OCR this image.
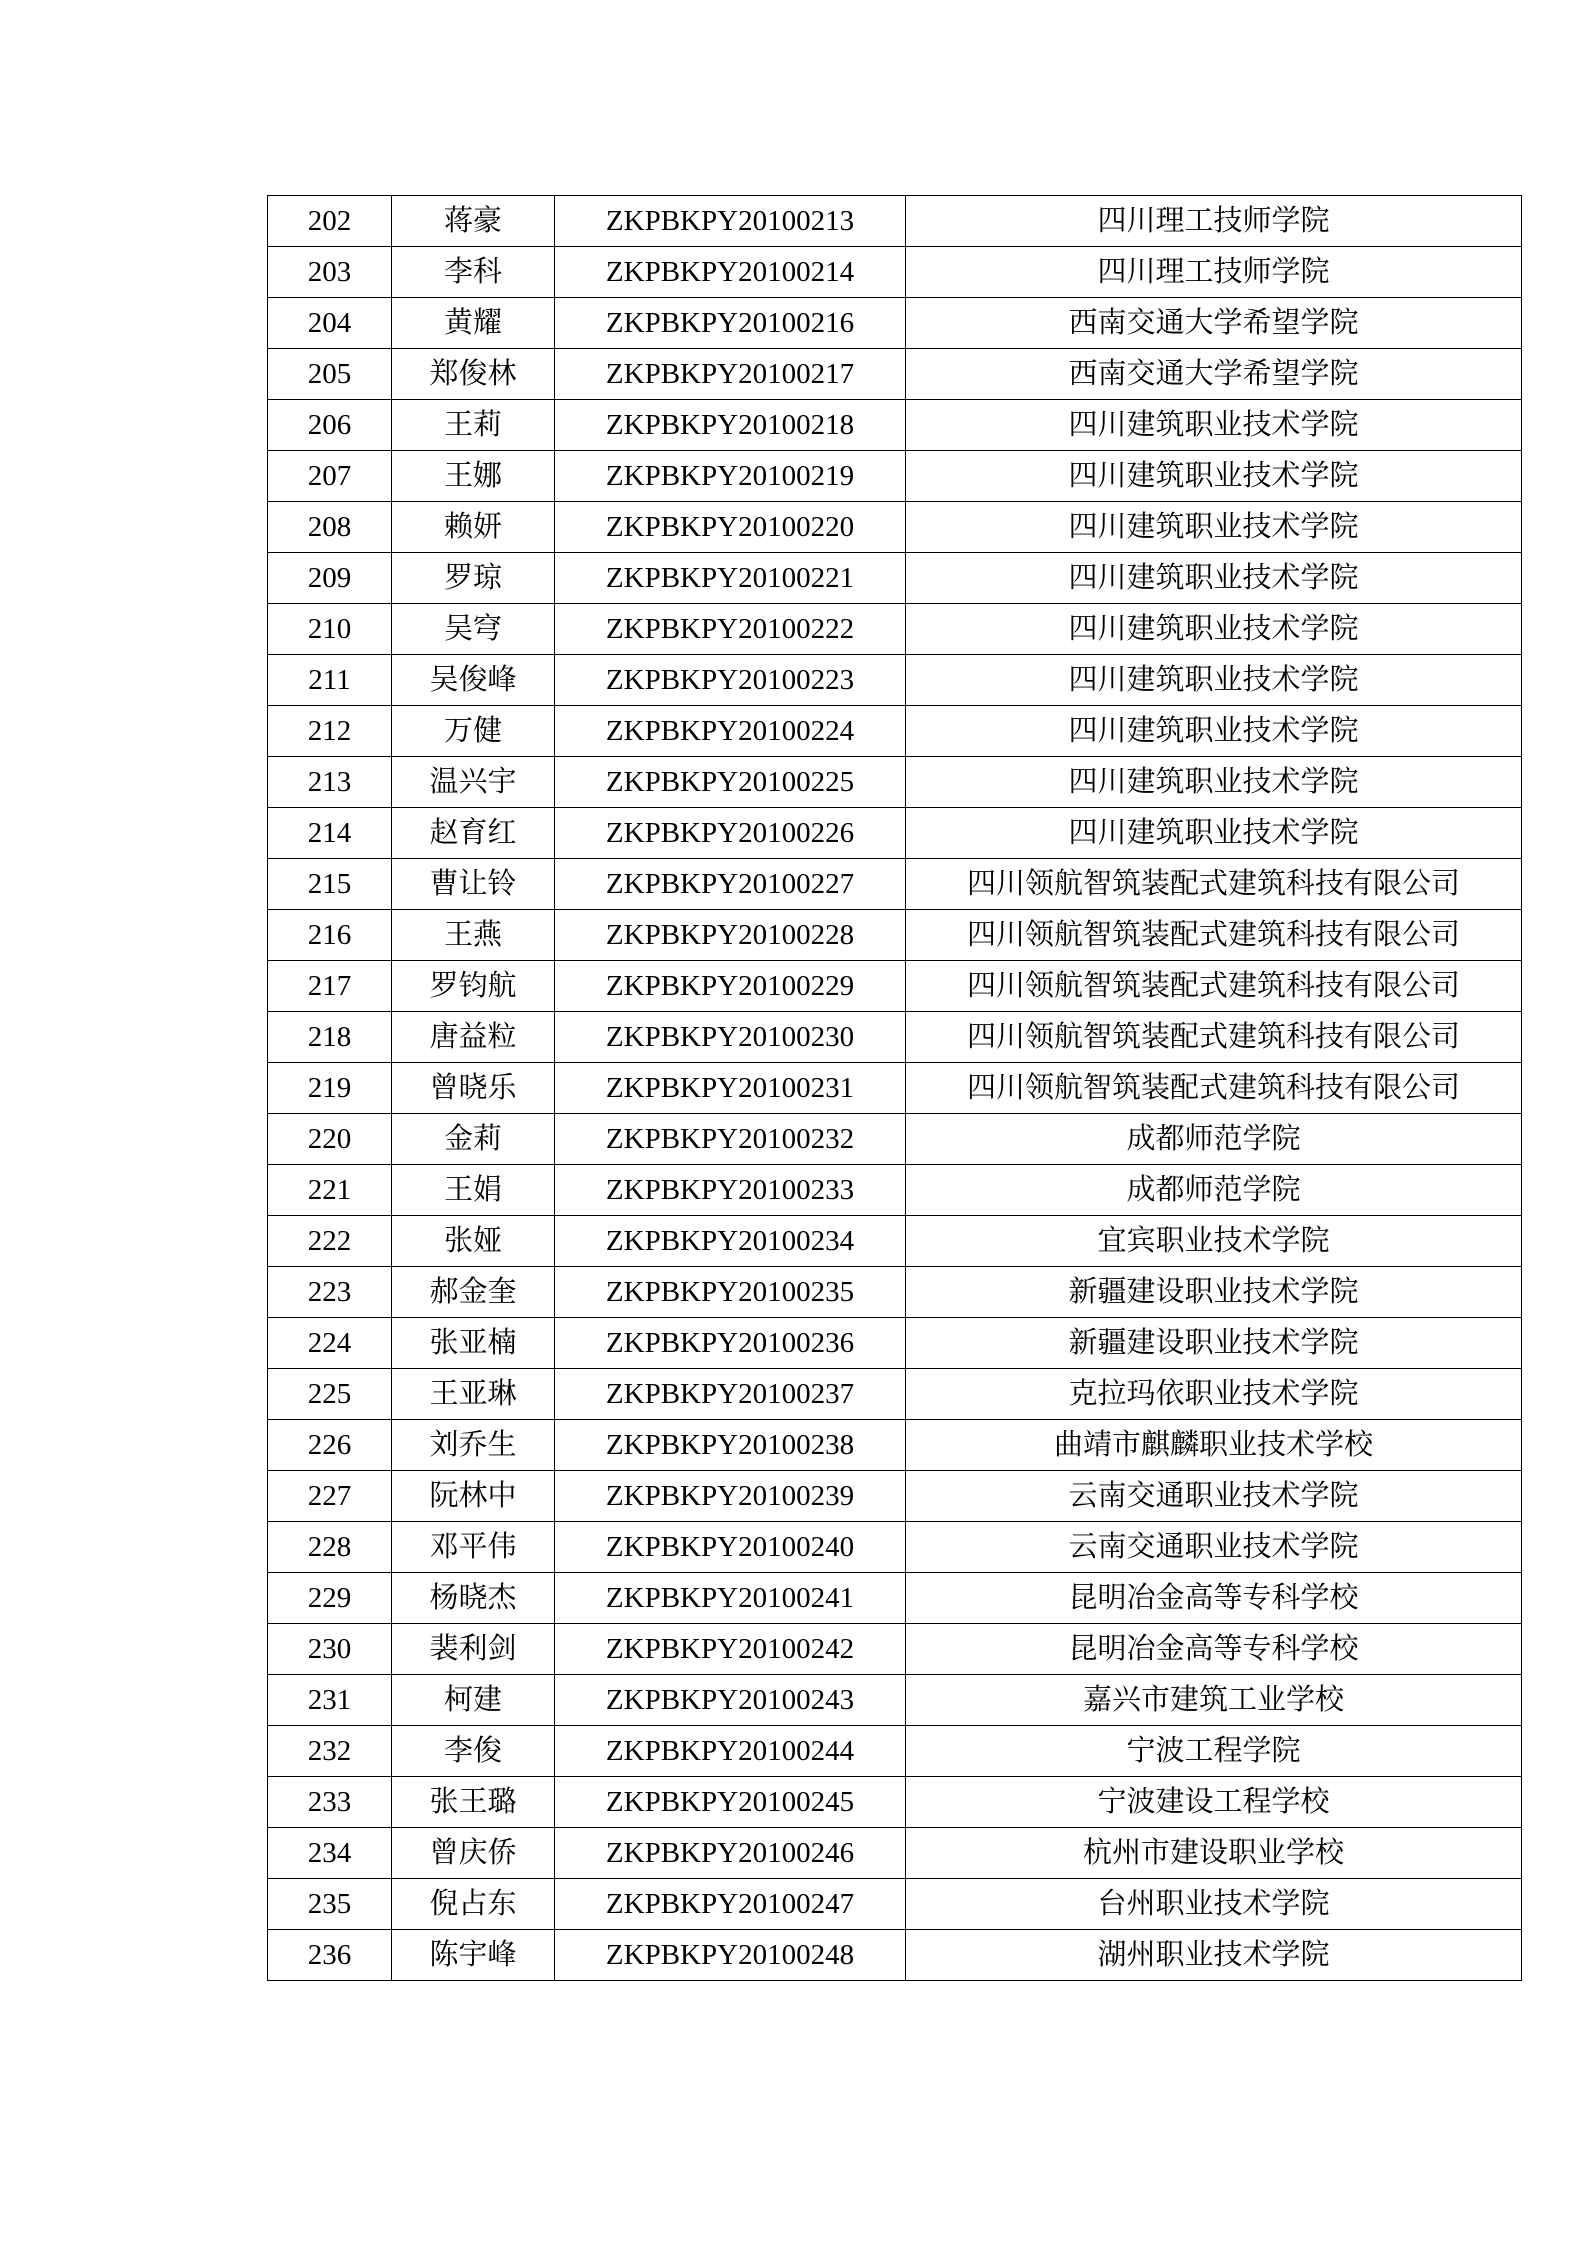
202	蒋豪	ZKPBKPY20100213	四川理工技师学院
203	李科	ZKPBKPY20100214	四川理工技师学院
204	黄耀	ZKPBKPY20100216	西南交通大学希望学院
205	郑俊林	ZKPBKPY20100217	西南交通大学希望学院
206	王莉	ZKPBKPY20100218	四川建筑职业技术学院
207	王娜	ZKPBKPY20100219	四川建筑职业技术学院
208	赖妍	ZKPBKPY20100220	四川建筑职业技术学院
209	罗琼	ZKPBKPY20100221	四川建筑职业技术学院
210	吴穹	ZKPBKPY20100222	四川建筑职业技术学院
211	吴俊峰	ZKPBKPY20100223	四川建筑职业技术学院
212	万健	ZKPBKPY20100224	四川建筑职业技术学院
213	温兴宇	ZKPBKPY20100225	四川建筑职业技术学院
214	赵育红	ZKPBKPY20100226	四川建筑职业技术学院
215	曹让铃	ZKPBKPY20100227	四川领航智筑装配式建筑科技有限公司
216	王燕	ZKPBKPY20100228	四川领航智筑装配式建筑科技有限公司
217	罗钧航	ZKPBKPY20100229	四川领航智筑装配式建筑科技有限公司
218	唐益粒	ZKPBKPY20100230	四川领航智筑装配式建筑科技有限公司
219	曾晓乐	ZKPBKPY20100231	四川领航智筑装配式建筑科技有限公司
220	金莉	ZKPBKPY20100232	成都师范学院
221	王娟	ZKPBKPY20100233	成都师范学院
222	张娅	ZKPBKPY20100234	宜宾职业技术学院
223	郝金奎	ZKPBKPY20100235	新疆建设职业技术学院
224	张亚楠	ZKPBKPY20100236	新疆建设职业技术学院
225	王亚琳	ZKPBKPY20100237	克拉玛依职业技术学院
226	刘乔生	ZKPBKPY20100238	曲靖市麒麟职业技术学校
227	阮林中	ZKPBKPY20100239	云南交通职业技术学院
228	邓平伟	ZKPBKPY20100240	云南交通职业技术学院
229	杨晓杰	ZKPBKPY20100241	昆明冶金高等专科学校
230	裴利剑	ZKPBKPY20100242	昆明冶金高等专科学校
231	柯建	ZKPBKPY20100243	嘉兴市建筑工业学校
232	李俊	ZKPBKPY20100244	宁波工程学院
233	张王璐	ZKPBKPY20100245	宁波建设工程学校
234	曾庆侨	ZKPBKPY20100246	杭州市建设职业学校
235	倪占东	ZKPBKPY20100247	台州职业技术学院
236	陈宇峰	ZKPBKPY20100248	湖州职业技术学院
